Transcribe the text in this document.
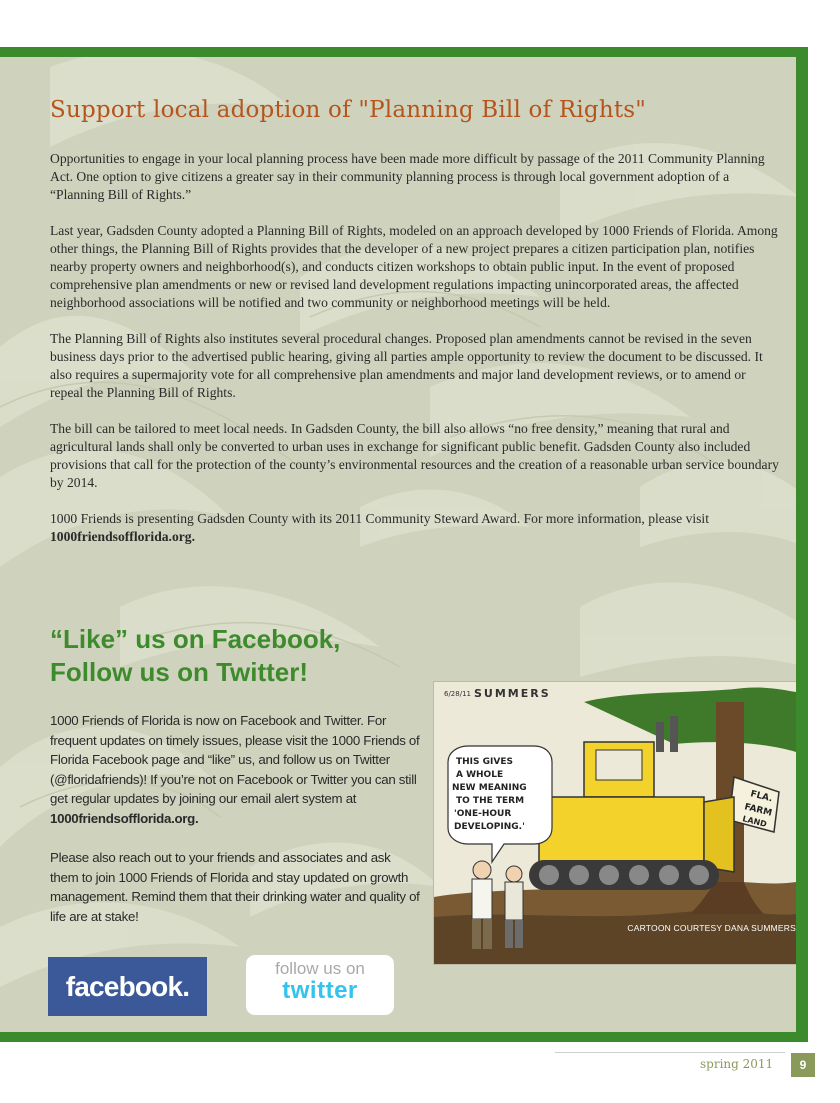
Support local adoption of "Planning Bill of Rights"

Opportunities to engage in your local planning process have been made more difficult by passage of the 2011 Community Planning Act. One option to give citizens a greater say in their community planning process is through local government adoption of a “Planning Bill of Rights.”

Last year, Gadsden County adopted a Planning Bill of Rights, modeled on an approach developed by 1000 Friends of Florida. Among other things, the Planning Bill of Rights provides that the developer of a new project prepares a citizen participation plan, notifies nearby property owners and neighborhood(s), and conducts citizen workshops to obtain public input. In the event of proposed comprehensive plan amendments or new or revised land development regulations impacting unincorporated areas, the affected neighborhood associations will be notified and two community or neighborhood meetings will be held.

The Planning Bill of Rights also institutes several procedural changes. Proposed plan amendments cannot be revised in the seven business days prior to the advertised public hearing, giving all parties ample opportunity to review the document to be discussed. It also requires a supermajority vote for all comprehensive plan amendments and major land development reviews, or to amend or repeal the Planning Bill of Rights.

The bill can be tailored to meet local needs. In Gadsden County, the bill also allows “no free density,” meaning that rural and agricultural lands shall only be converted to urban uses in exchange for significant public benefit. Gadsden County also included provisions that call for the protection of the county’s environmental resources and the creation of a reasonable urban service boundary by 2014.

1000 Friends is presenting Gadsden County with its 2011 Community Steward Award. For more information, please visit 1000friendsofflorida.org.

“Like” us on Facebook,
Follow us on Twitter!

1000 Friends of Florida is now on Facebook and Twitter. For frequent updates on timely issues, please visit the 1000 Friends of Florida Facebook page and “like” us, and follow us on Twitter (@floridafriends)! If you’re not on Facebook or Twitter you can still get regular updates by joining our email alert system at 1000friendsofflorida.org.

Please also reach out to your friends and associates and ask them to join 1000 Friends of Florida and stay updated on growth management. Remind them that their drinking water and quality of life are at stake!

FLA.
FARM
LAND
THIS GIVES
A WHOLE
NEW MEANING
TO THE TERM
'ONE-HOUR
DEVELOPING.'
6/28/11 SUMMERS
CARTOON COURTESY DANA SUMMERS
facebook.
follow us on
twitter
spring 2011	9
